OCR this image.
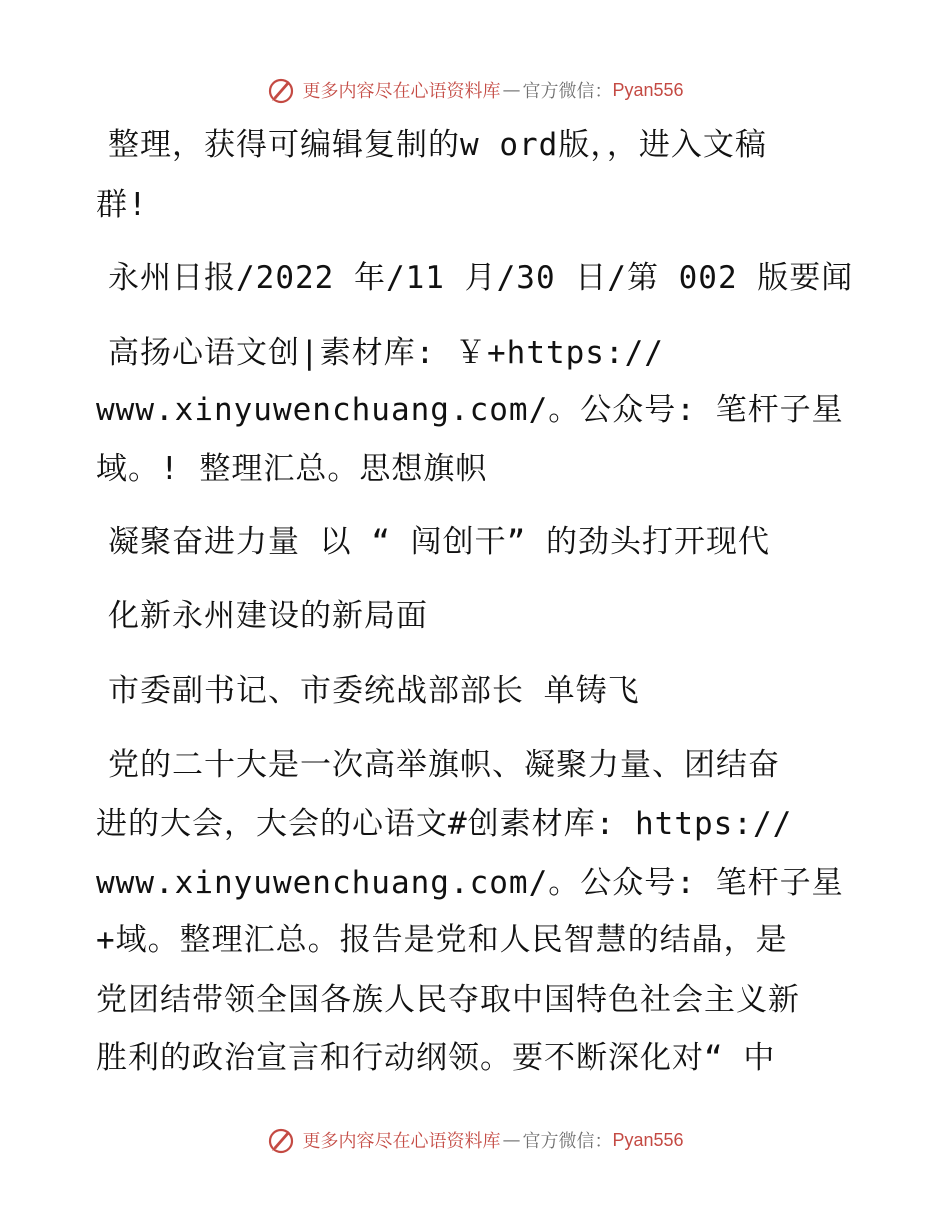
更多内容尽在心语资料库 — 官方微信： Pyan556
整理，获得可编辑复制的w ord版，，进入文稿
群!
永州日报/2022 年/11 月/30 日/第 002 版要闻
高扬心语文创|素材库: ￥+https://
www.xinyuwenchuang.com/。公众号: 笔杆子星
域。! 整理汇总。思想旗帜
凝聚奋进力量 以 “ 闯创干” 的劲头打开现代
化新永州建设的新局面
市委副书记、市委统战部部长 单铸飞
党的二十大是一次高举旗帜、凝聚力量、团结奋
进的大会，大会的心语文#创素材库: https://
www.xinyuwenchuang.com/。公众号: 笔杆子星
+域。整理汇总。报告是党和人民智慧的结晶，是
党团结带领全国各族人民夺取中国特色社会主义新
胜利的政治宣言和行动纲领。要不断深化对“ 中
更多内容尽在心语资料库 — 官方微信： Pyan556
